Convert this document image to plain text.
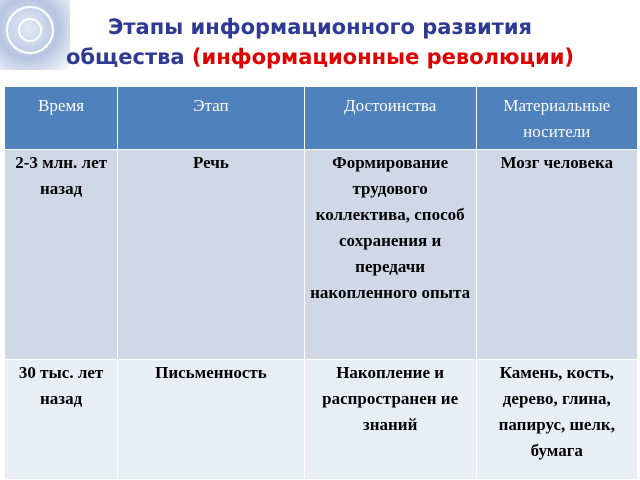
Этапы информационного развития
общества (информационные революции)
Время	Этап	Достоинства	Материальные носители
2-3 млн. лет назад	Речь	Формирование трудового коллектива, способ сохранения и передачи накопленного опыта	Мозг человека
30 тыс. лет назад	Письменность	Накопление и распространен ие знаний	Камень, кость, дерево, глина, папирус, шелк, бумага
